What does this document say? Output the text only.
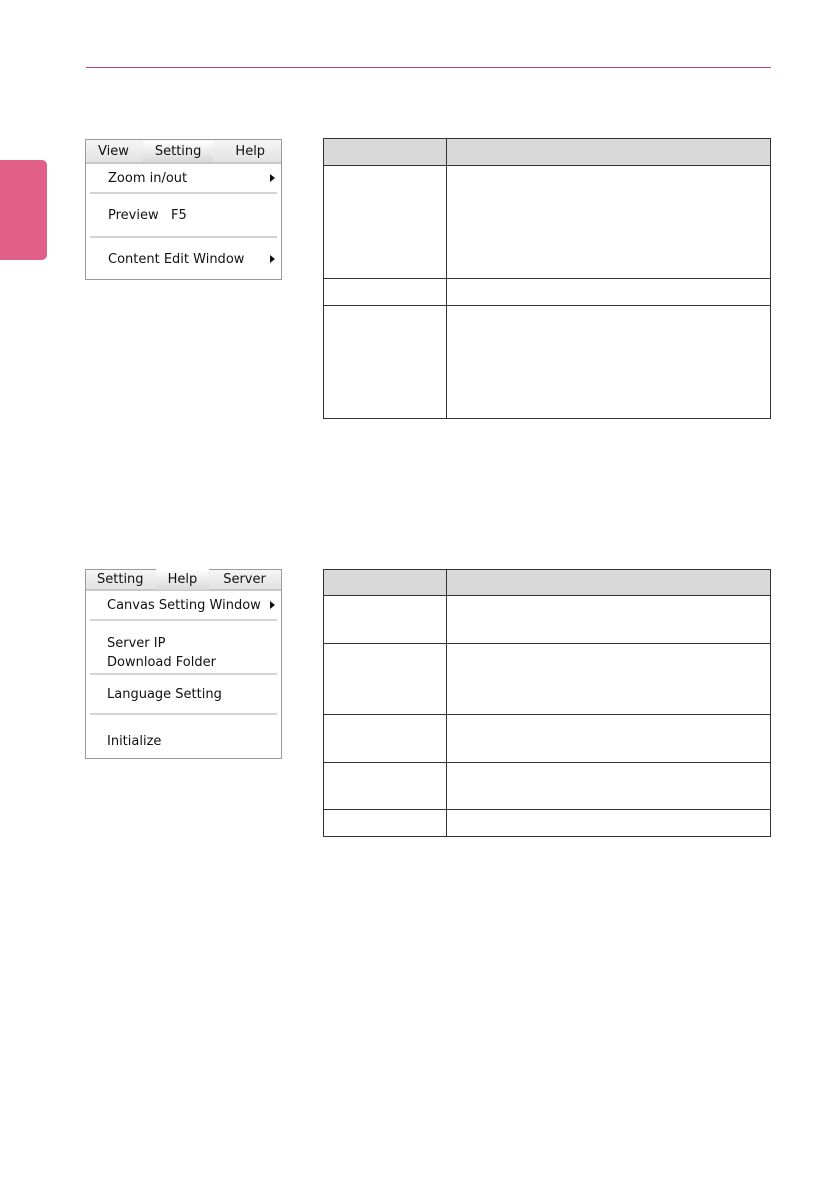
View	Setting	Help
Zoom in/out
Preview   F5
Content Edit Window

Setting	Help	Server
Canvas Setting Window
Server IP
Download Folder
Language Setting
Initialize
